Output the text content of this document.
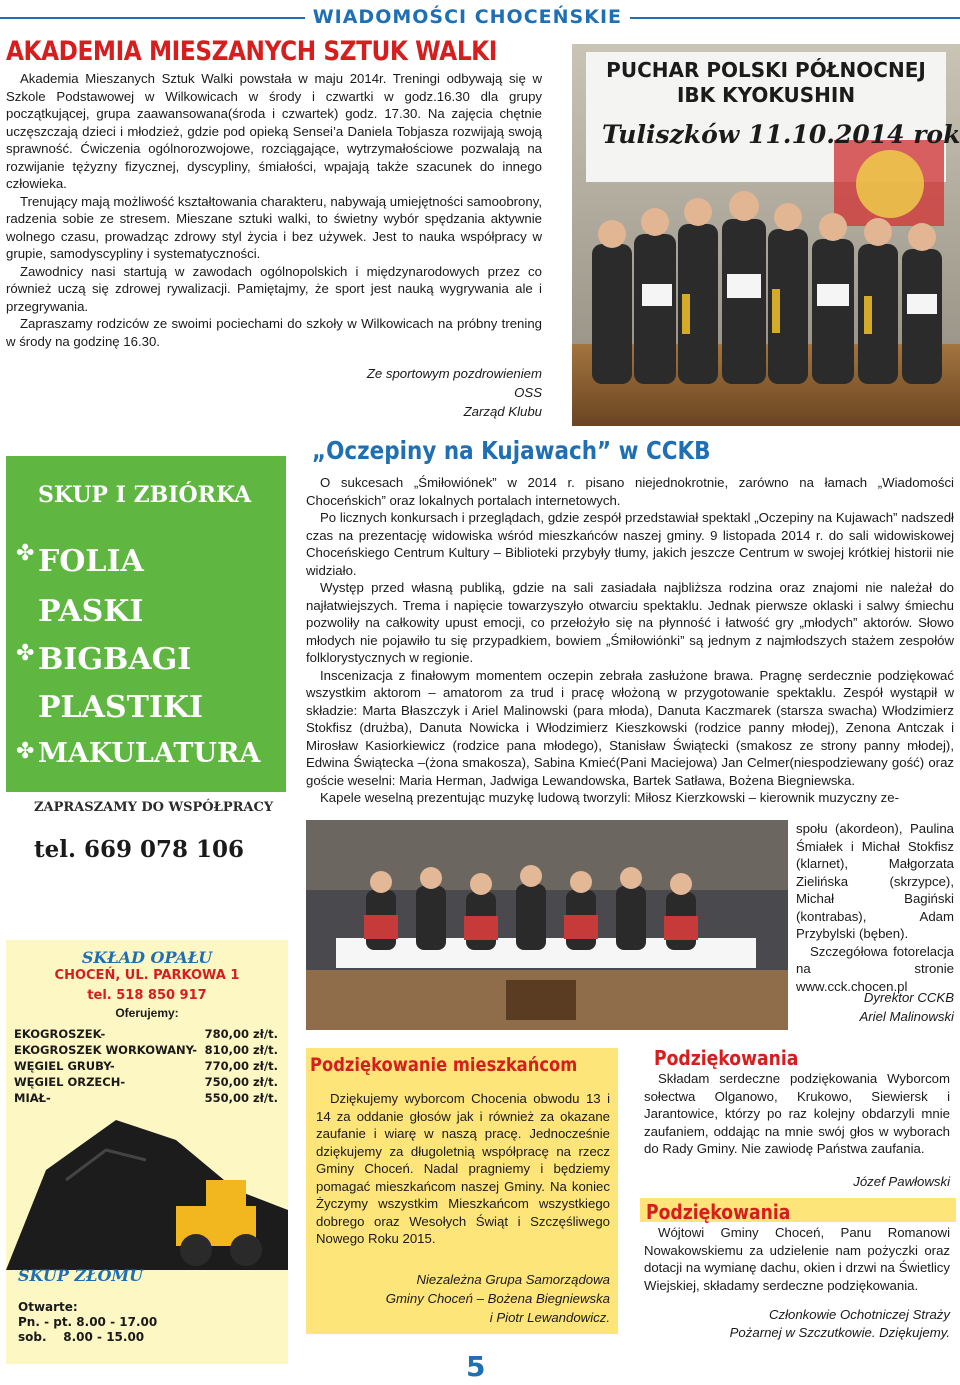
WIADOMOŚCI CHOCEŃSKIE
AKADEMIA MIESZANYCH SZTUK WALKI

Akademia Mieszanych Sztuk Walki powstała w maju 2014r. Treningi odbywają się w Szkole Podstawowej w Wilkowicach w środy i czwartki w godz.16.30 dla grupy początkującej, grupa zaawansowana(środa i czwartek) godz. 17.30. Na zajęcia chętnie uczęszczają dzieci i młodzież, gdzie pod opieką Sensei’a Daniela Tobjasza rozwijają swoją sprawność. Ćwiczenia ogólnorozwojowe, rozciągające, wytrzymałościowe pozwalają na rozwijanie tężyzny fizycznej, dyscypliny, śmiałości, wpajają także szacunek do innego człowieka.

Trenujący mają możliwość kształtowania charakteru, nabywają umiejętności samoobrony, radzenia sobie ze stresem. Mieszane sztuki walki, to świetny wybór spędzania aktywnie wolnego czasu, prowadząc zdrowy styl życia i bez używek. Jest to nauka współpracy w grupie, samodyscypliny i systematyczności.

Zawodnicy nasi startują w zawodach ogólnopolskich i międzynarodowych przez co również uczą się zdrowej rywalizacji. Pamiętajmy, że sport jest nauką wygrywania ale i przegrywania.

Zapraszamy rodziców ze swoimi pociechami do szkoły w Wilkowicach na próbny trening w środy na godzinę 16.30.

Ze sportowym pozdrowieniem
OSS
Zarząd Klubu
PUCHAR POLSKI PÓŁNOCNEJ
IBK KYOKUSHIN
Tuliszków 11.10.2014 rok
„Oczepiny na Kujawach” w CCKB

O sukcesach „Śmiłowiónek” w 2014 r. pisano niejednokrotnie, zarówno na łamach „Wiadomości Choceńskich” oraz lokalnych portalach internetowych.

Po licznych konkursach i przeglądach, gdzie zespół przedstawiał spektakl „Oczepiny na Kujawach” nadszedł czas na prezentację widowiska wśród mieszkańców naszej gminy. 9 listopada 2014 r. do sali widowiskowej Choceńskiego Centrum Kultury – Biblioteki przybyły tłumy, jakich jeszcze Centrum w swojej krótkiej historii nie widziało.

Występ przed własną publiką, gdzie na sali zasiadała najbliższa rodzina oraz znajomi nie należał do najłatwiejszych. Trema i napięcie towarzyszyło otwarciu spektaklu. Jednak pierwsze oklaski i salwy śmiechu pozwoliły na całkowity upust emocji, co przełożyło się na płynność i łatwość gry „młodych” aktorów. Słowo młodych nie pojawiło tu się przypadkiem, bowiem „Śmiłowiónki” są jednym z najmłodszych stażem zespołów folklorystycznych w regionie.

Inscenizacja z finałowym momentem oczepin zebrała zasłużone brawa. Pragnę serdecznie podziękować wszystkim aktorom – amatorom za trud i pracę włożoną w przygotowanie spektaklu. Zespół wystąpił w składzie: Marta Błaszczyk i Ariel Malinowski (para młoda), Danuta Kaczmarek (starsza swacha) Włodzimierz Stokfisz (drużba), Danuta Nowicka i Włodzimierz Kieszkowski (rodzice panny młodej), Zenona Antczak i Mirosław Kasiorkiewicz (rodzice pana młodego), Stanisław Świątecki (smakosz ze strony panny młodej), Edwina Świątecka –(żona smakosza), Sabina Kmieć(Pani Maciejowa) Jan Celmer(niespodziewany gość) oraz goście weselni: Maria Herman, Jadwiga Lewandowska, Bartek Satława, Bożena Biegniewska.

Kapele weselną prezentując muzykę ludową tworzyli: Miłosz Kierzkowski – kierownik muzyczny ze-

społu (akordeon), Paulina Śmiałek i Michał Stokfisz (klarnet), Małgorzata Zielińska (skrzypce), Michał Bagiński (kontrabas), Adam Przybylski (bęben).

Szczegółowa fotorelacja na stronie www.cck.chocen.pl

Dyrektor CCKB
Ariel Malinowski
SKUP I ZBIÓRKA
FOLIA
PASKI
BIGBAGI
PLASTIKI
MAKULATURA
✤
✤
✤
ZAPRASZAMY DO WSPÓŁPRACY
tel. 669 078 106
SKŁAD OPAŁU
CHOCEŃ, UL. PARKOWA 1
tel. 518 850 917
Oferujemy:
EKOGROSZEK-	780,00 zł/t.
EKOGROSZEK WORKOWANY- 810,00 zł/t.
WĘGIEL GRUBY-	770,00 zł/t.
WĘGIEL ORZECH-	750,00 zł/t.
MIAŁ-	550,00 zł/t.
SKUP ZŁOMU
Otwarte:
Pn. - pt. 8.00 - 17.00
sob.    8.00 - 15.00
Podziękowanie mieszkańcom

Dziękujemy wyborcom Chocenia obwodu 13 i 14 za oddanie głosów jak i również za okazane zaufanie i wiarę w naszą pracę. Jednocześnie dziękujemy za długoletnią współpracę na rzecz Gminy Choceń. Nadal pragniemy i będziemy pomagać mieszkańcom naszej Gminy. Na koniec Życzymy wszystkim Mieszkańcom wszystkiego dobrego oraz Wesołych Świąt i Szczęśliwego Nowego Roku 2015.

Niezależna Grupa Samorządowa
Gminy Choceń – Bożena Biegniewska
i Piotr Lewandowicz.
Podziękowania

Składam serdeczne podziękowania Wyborcom sołectwa Olganowo, Krukowo, Siewiersk i Jarantowice, którzy po raz kolejny obdarzyli mnie zaufaniem, oddając na mnie swój głos w wyborach do Rady Gminy. Nie zawiodę Państwa zaufania.

Józef Pawłowski
Podziękowania

Wójtowi Gminy Choceń, Panu Romanowi Nowakowskiemu za udzielenie nam pożyczki oraz dotacji na wymianę dachu, okien i drzwi na Świetlicy Wiejskiej, składamy serdeczne podziękowania.

Członkowie Ochotniczej Straży
Pożarnej w Szczutkowie. Dziękujemy.
5
